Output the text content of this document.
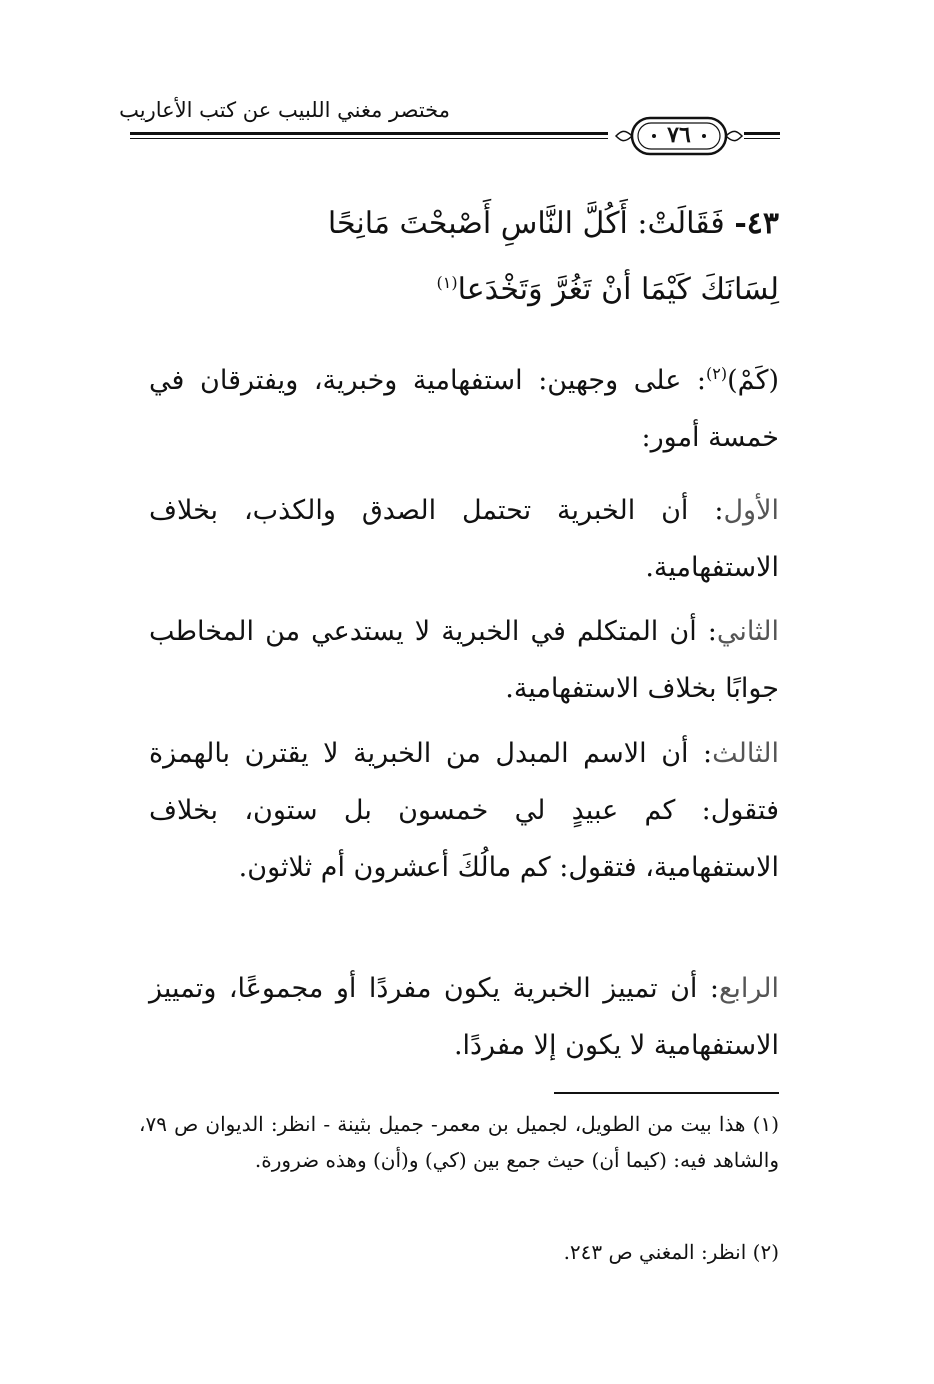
مختصر مغني اللبيب عن كتب الأعاريب
٧٦
٤٣- فَقَالَتْ: أَكُلَّ النَّاسِ أَصْبحْتَ مَانِحًا
لِسَانَكَ كَيْمَا أنْ تَغُرَّ وَتَخْدَعا$^{(١)}$
(كَمْ)$^{(٢)}$: على وجهين: استفهامية وخبرية، ويفترقان في خمسة أمور:
الأول: أن الخبرية تحتمل الصدق والكذب، بخلاف الاستفهامية.
الثاني: أن المتكلم في الخبرية لا يستدعي من المخاطب جوابًا بخلاف الاستفهامية.
الثالث: أن الاسم المبدل من الخبرية لا يقترن بالهمزة فتقول: كم عبيدٍ لي خمسون بل ستون، بخلاف الاستفهامية، فتقول: كم مالُكَ أعشرون أم ثلاثون.
الرابع: أن تمييز الخبرية يكون مفردًا أو مجموعًا، وتمييز الاستفهامية لا يكون إلا مفردًا.
(١) هذا بيت من الطويل، لجميل بن معمر- جميل بثينة - انظر: الديوان ص ٧٩، والشاهد فيه: (كيما أن) حيث جمع بين (كي) و(أن) وهذه ضرورة.
(٢) انظر: المغني ص ٢٤٣.
